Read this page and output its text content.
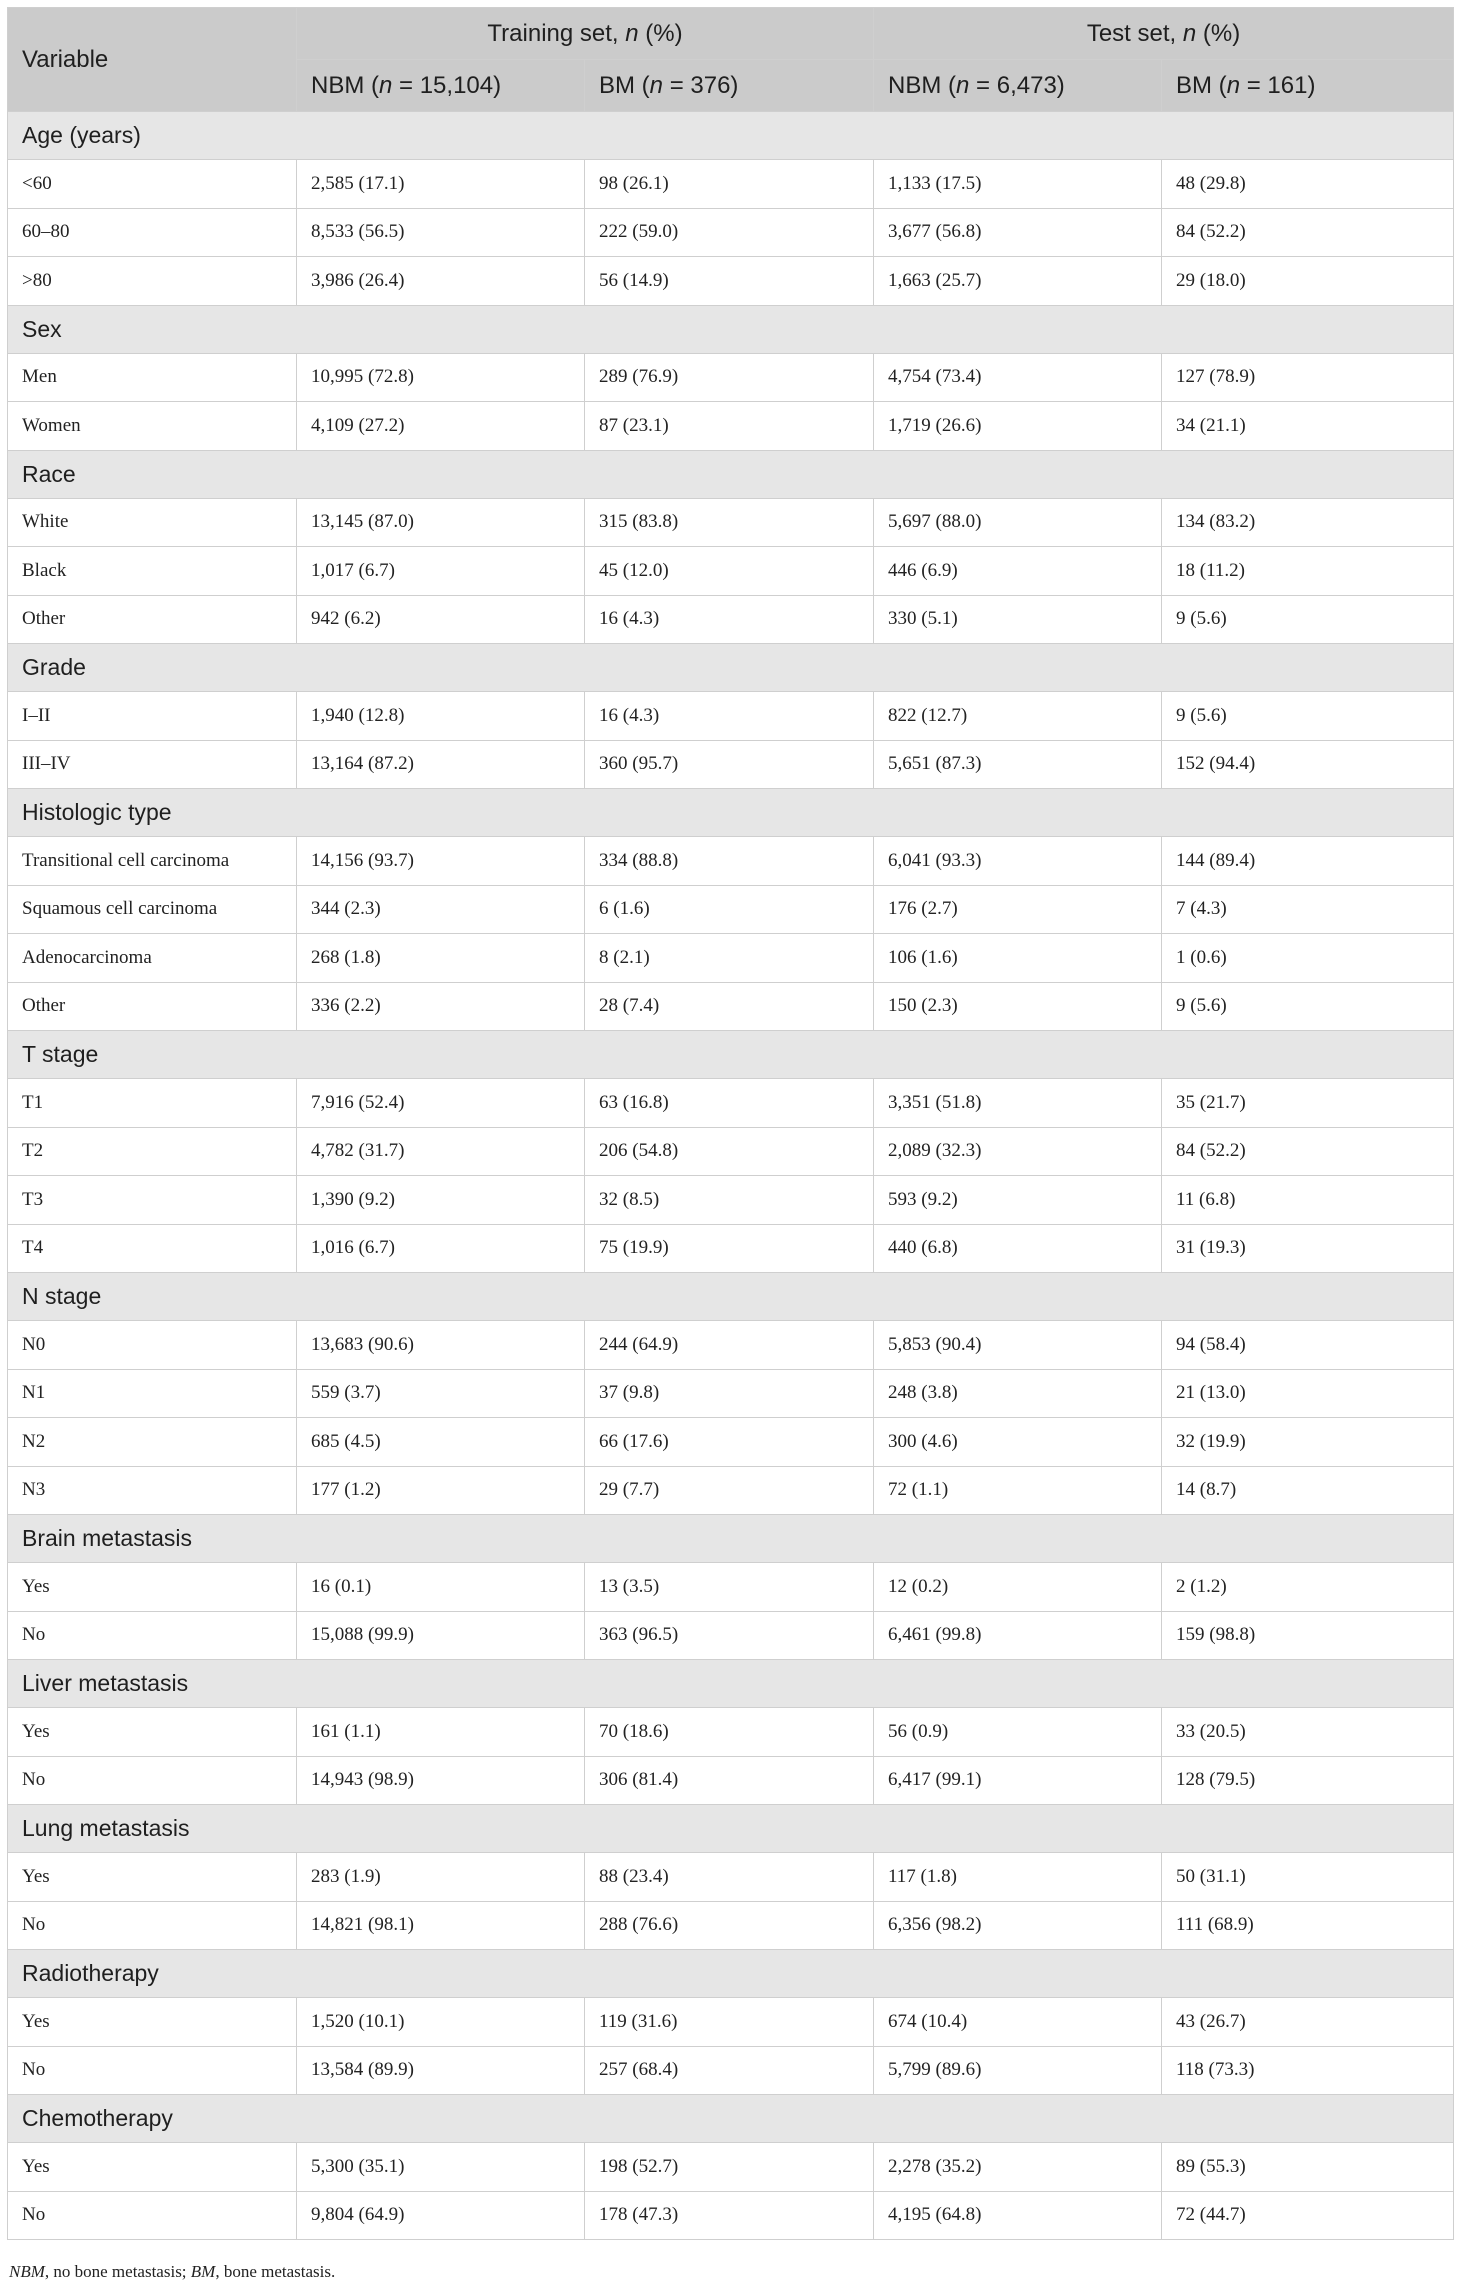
Variable	Training set, n (%)		Test set, n (%)	
	NBM (n = 15,104)	BM (n = 376)	NBM (n = 6,473)	BM (n = 161)
Age (years)				
<60	2,585 (17.1)	98 (26.1)	1,133 (17.5)	48 (29.8)
60–80	8,533 (56.5)	222 (59.0)	3,677 (56.8)	84 (52.2)
>80	3,986 (26.4)	56 (14.9)	1,663 (25.7)	29 (18.0)
Sex				
Men	10,995 (72.8)	289 (76.9)	4,754 (73.4)	127 (78.9)
Women	4,109 (27.2)	87 (23.1)	1,719 (26.6)	34 (21.1)
Race				
White	13,145 (87.0)	315 (83.8)	5,697 (88.0)	134 (83.2)
Black	1,017 (6.7)	45 (12.0)	446 (6.9)	18 (11.2)
Other	942 (6.2)	16 (4.3)	330 (5.1)	9 (5.6)
Grade				
I–II	1,940 (12.8)	16 (4.3)	822 (12.7)	9 (5.6)
III–IV	13,164 (87.2)	360 (95.7)	5,651 (87.3)	152 (94.4)
Histologic type				
Transitional cell carcinoma	14,156 (93.7)	334 (88.8)	6,041 (93.3)	144 (89.4)
Squamous cell carcinoma	344 (2.3)	6 (1.6)	176 (2.7)	7 (4.3)
Adenocarcinoma	268 (1.8)	8 (2.1)	106 (1.6)	1 (0.6)
Other	336 (2.2)	28 (7.4)	150 (2.3)	9 (5.6)
T stage				
T1	7,916 (52.4)	63 (16.8)	3,351 (51.8)	35 (21.7)
T2	4,782 (31.7)	206 (54.8)	2,089 (32.3)	84 (52.2)
T3	1,390 (9.2)	32 (8.5)	593 (9.2)	11 (6.8)
T4	1,016 (6.7)	75 (19.9)	440 (6.8)	31 (19.3)
N stage				
N0	13,683 (90.6)	244 (64.9)	5,853 (90.4)	94 (58.4)
N1	559 (3.7)	37 (9.8)	248 (3.8)	21 (13.0)
N2	685 (4.5)	66 (17.6)	300 (4.6)	32 (19.9)
N3	177 (1.2)	29 (7.7)	72 (1.1)	14 (8.7)
Brain metastasis				
Yes	16 (0.1)	13 (3.5)	12 (0.2)	2 (1.2)
No	15,088 (99.9)	363 (96.5)	6,461 (99.8)	159 (98.8)
Liver metastasis				
Yes	161 (1.1)	70 (18.6)	56 (0.9)	33 (20.5)
No	14,943 (98.9)	306 (81.4)	6,417 (99.1)	128 (79.5)
Lung metastasis				
Yes	283 (1.9)	88 (23.4)	117 (1.8)	50 (31.1)
No	14,821 (98.1)	288 (76.6)	6,356 (98.2)	111 (68.9)
Radiotherapy				
Yes	1,520 (10.1)	119 (31.6)	674 (10.4)	43 (26.7)
No	13,584 (89.9)	257 (68.4)	5,799 (89.6)	118 (73.3)
Chemotherapy				
Yes	5,300 (35.1)	198 (52.7)	2,278 (35.2)	89 (55.3)
No	9,804 (64.9)	178 (47.3)	4,195 (64.8)	72 (44.7)
NBM, no bone metastasis; BM, bone metastasis.
